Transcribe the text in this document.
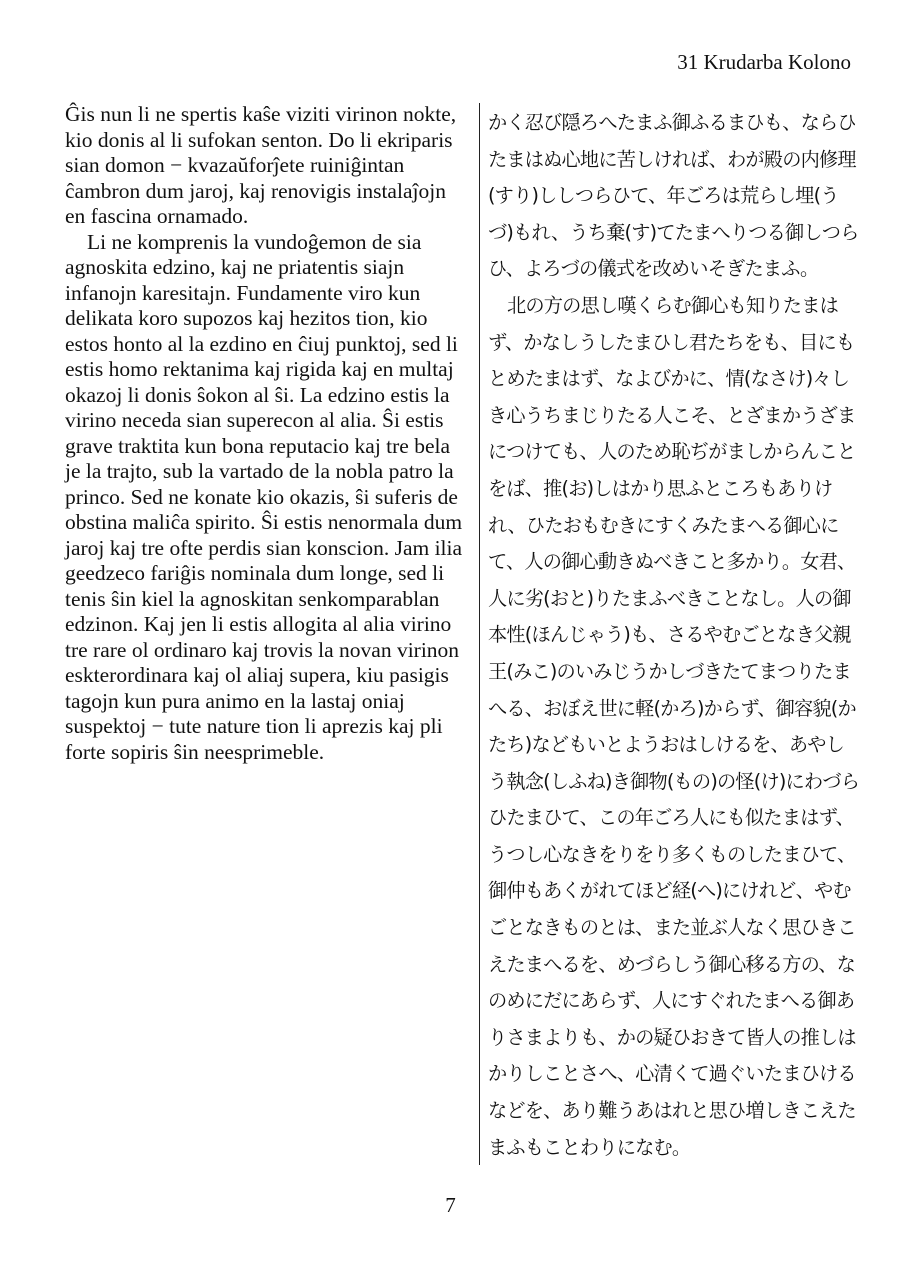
31 Krudarba Kolono

Ĝis nun li ne spertis kaŝe viziti virinon nokte, kio donis al li sufokan senton. Do li ekriparis sian domon − kvazaŭforĵete ruiniĝintan ĉambron dum jaroj, kaj renovigis instalaĵojn en fascina ornamado.

Li ne komprenis la vundoĝemon de sia agnoskita edzino, kaj ne priatentis siajn infanojn karesitajn. Fundamente viro kun delikata koro supozos kaj hezitos tion, kio estos honto al la ezdino en ĉiuj punktoj, sed li estis homo rektanima kaj rigida kaj en multaj okazoj li donis ŝokon al ŝi. La edzino estis la virino neceda sian superecon al alia. Ŝi estis grave traktita kun bona reputacio kaj tre bela je la trajto, sub la vartado de la nobla patro la princo. Sed ne konate kio okazis, ŝi suferis de obstina maliĉa spirito. Ŝi estis nenormala dum jaroj kaj tre ofte perdis sian konscion. Jam ilia geedzeco fariĝis nominala dum longe, sed li tenis ŝin kiel la agnoskitan senkomparablan edzinon. Kaj jen li estis allogita al alia virino tre rare ol ordinaro kaj trovis la novan virinon eskterordinara kaj ol aliaj supera, kiu pasigis tagojn kun pura animo en la lastaj oniaj suspektoj − tute nature tion li aprezis kaj pli forte sopiris ŝin neesprimeble.

かく忍び隠ろへたまふ御ふるまひも、ならひたまはぬ心地に苦しければ、わが殿の内修理(すり)ししつらひて、年ごろは荒らし埋(うづ)もれ、うち棄(す)てたまへりつる御しつらひ、よろづの儀式を改めいそぎたまふ。

北の方の思し嘆くらむ御心も知りたまはず、かなしうしたまひし君たちをも、目にもとめたまはず、なよびかに、情(なさけ)々しき心うちまじりたる人こそ、とざまかうざまにつけても、人のため恥ぢがましからんことをば、推(お)しはかり思ふところもありけれ、ひたおもむきにすくみたまへる御心にて、人の御心動きぬべきこと多かり。女君、人に劣(おと)りたまふべきことなし。人の御本性(ほんじゃう)も、さるやむごとなき父親王(みこ)のいみじうかしづきたてまつりたまへる、おぼえ世に軽(かろ)からず、御容貌(かたち)などもいとようおはしけるを、あやしう執念(しふね)き御物(もの)の怪(け)にわづらひたまひて、この年ごろ人にも似たまはず、うつし心なきをりをり多くものしたまひて、御仲もあくがれてほど経(へ)にけれど、やむごとなきものとは、また並ぶ人なく思ひきこえたまへるを、めづらしう御心移る方の、なのめにだにあらず、人にすぐれたまへる御ありさまよりも、かの疑ひおきて皆人の推しはかりしことさへ、心清くて過ぐいたまひけるなどを、あり難うあはれと思ひ増しきこえたまふもことわりになむ。

7
